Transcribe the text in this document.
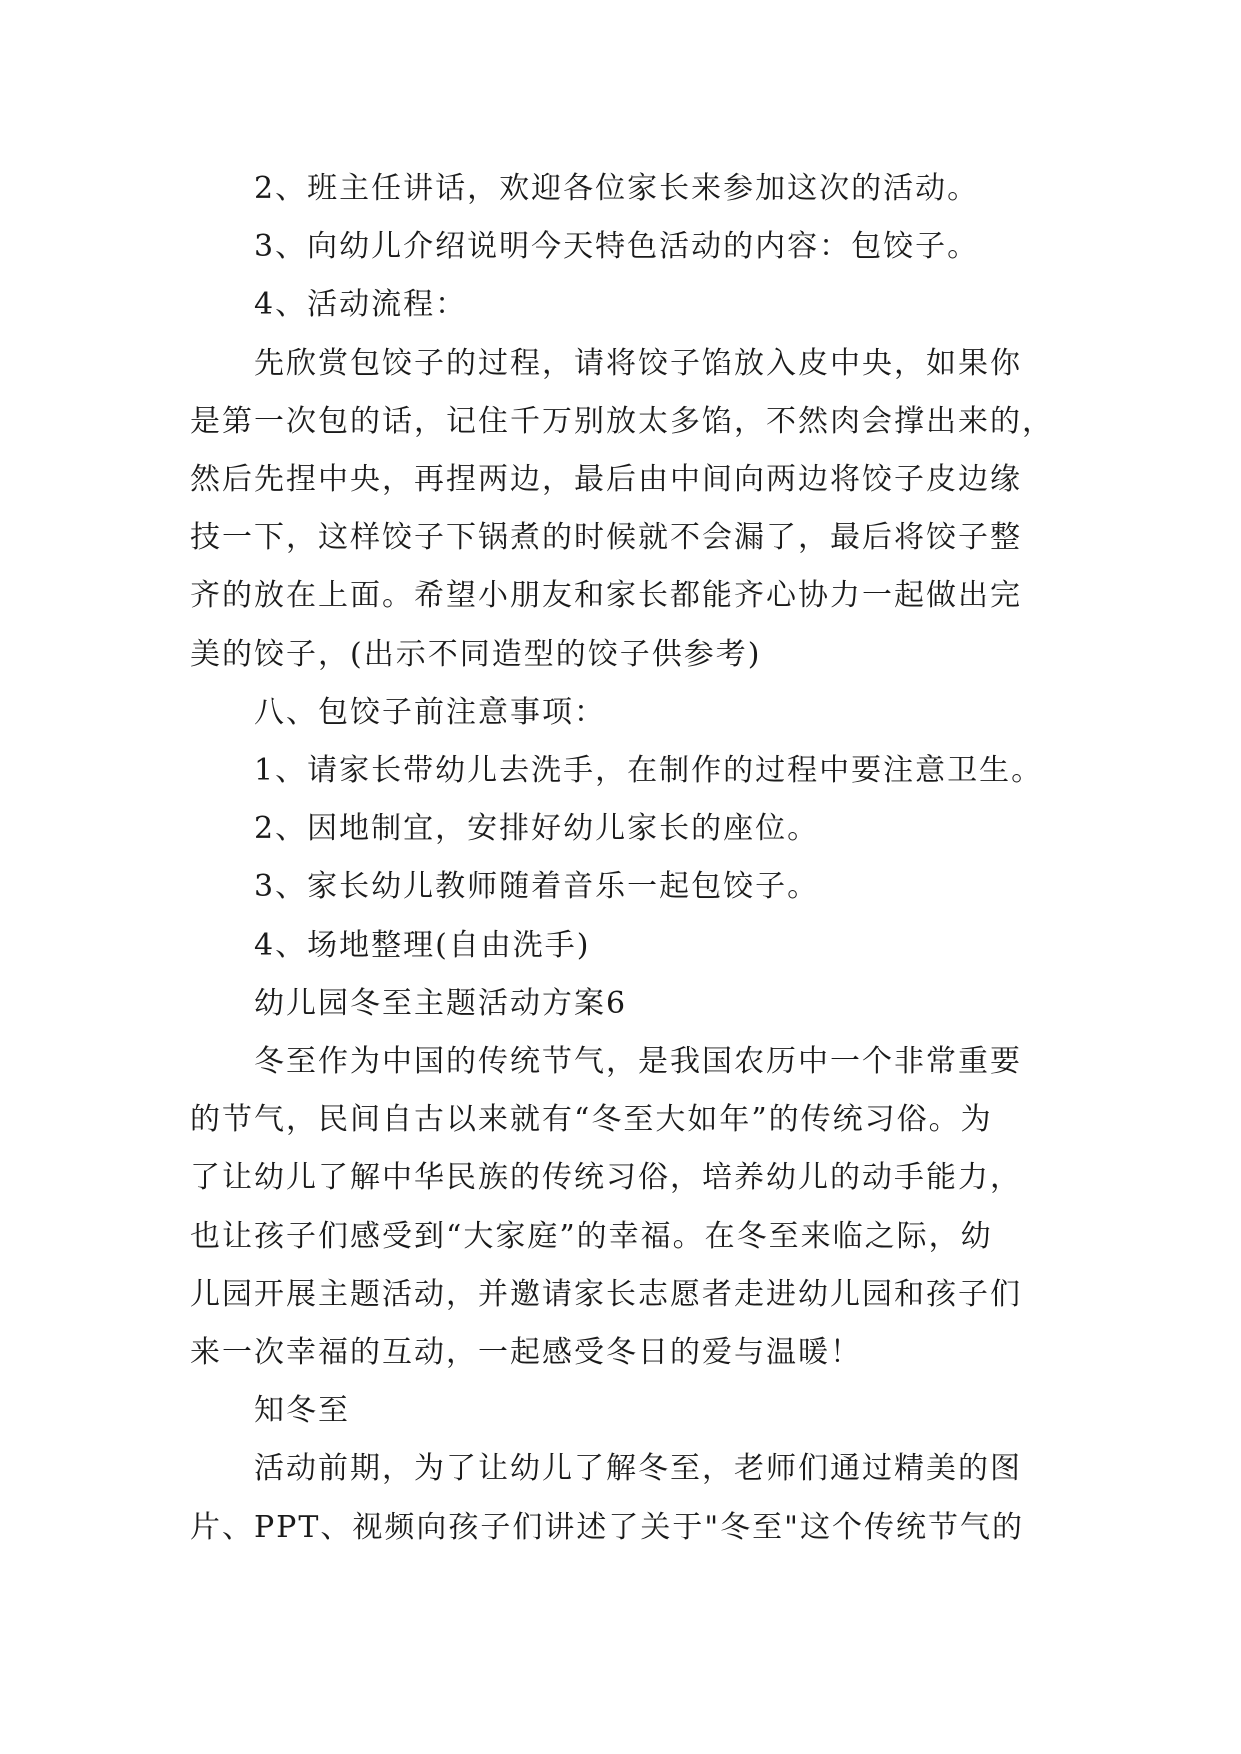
2、班主任讲话，欢迎各位家长来参加这次的活动。

3、向幼儿介绍说明今天特色活动的内容：包饺子。

4、活动流程：

先欣赏包饺子的过程，请将饺子馅放入皮中央，如果你

是第一次包的话，记住千万别放太多馅，不然肉会撑出来的，

然后先捏中央，再捏两边，最后由中间向两边将饺子皮边缘

技一下，这样饺子下锅煮的时候就不会漏了，最后将饺子整

齐的放在上面。希望小朋友和家长都能齐心协力一起做出完

美的饺子，(出示不同造型的饺子供参考)

八、包饺子前注意事项：

1、请家长带幼儿去洗手，在制作的过程中要注意卫生。

2、因地制宜，安排好幼儿家长的座位。

3、家长幼儿教师随着音乐一起包饺子。

4、场地整理(自由洗手)

幼儿园冬至主题活动方案6

冬至作为中国的传统节气，是我国农历中一个非常重要

的节气，民间自古以来就有“冬至大如年”的传统习俗。为

了让幼儿了解中华民族的传统习俗，培养幼儿的动手能力，

也让孩子们感受到“大家庭”的幸福。在冬至来临之际，幼

儿园开展主题活动，并邀请家长志愿者走进幼儿园和孩子们

来一次幸福的互动，一起感受冬日的爱与温暖！

知冬至

活动前期，为了让幼儿了解冬至，老师们通过精美的图

片、PPT、视频向孩子们讲述了关于"冬至"这个传统节气的
